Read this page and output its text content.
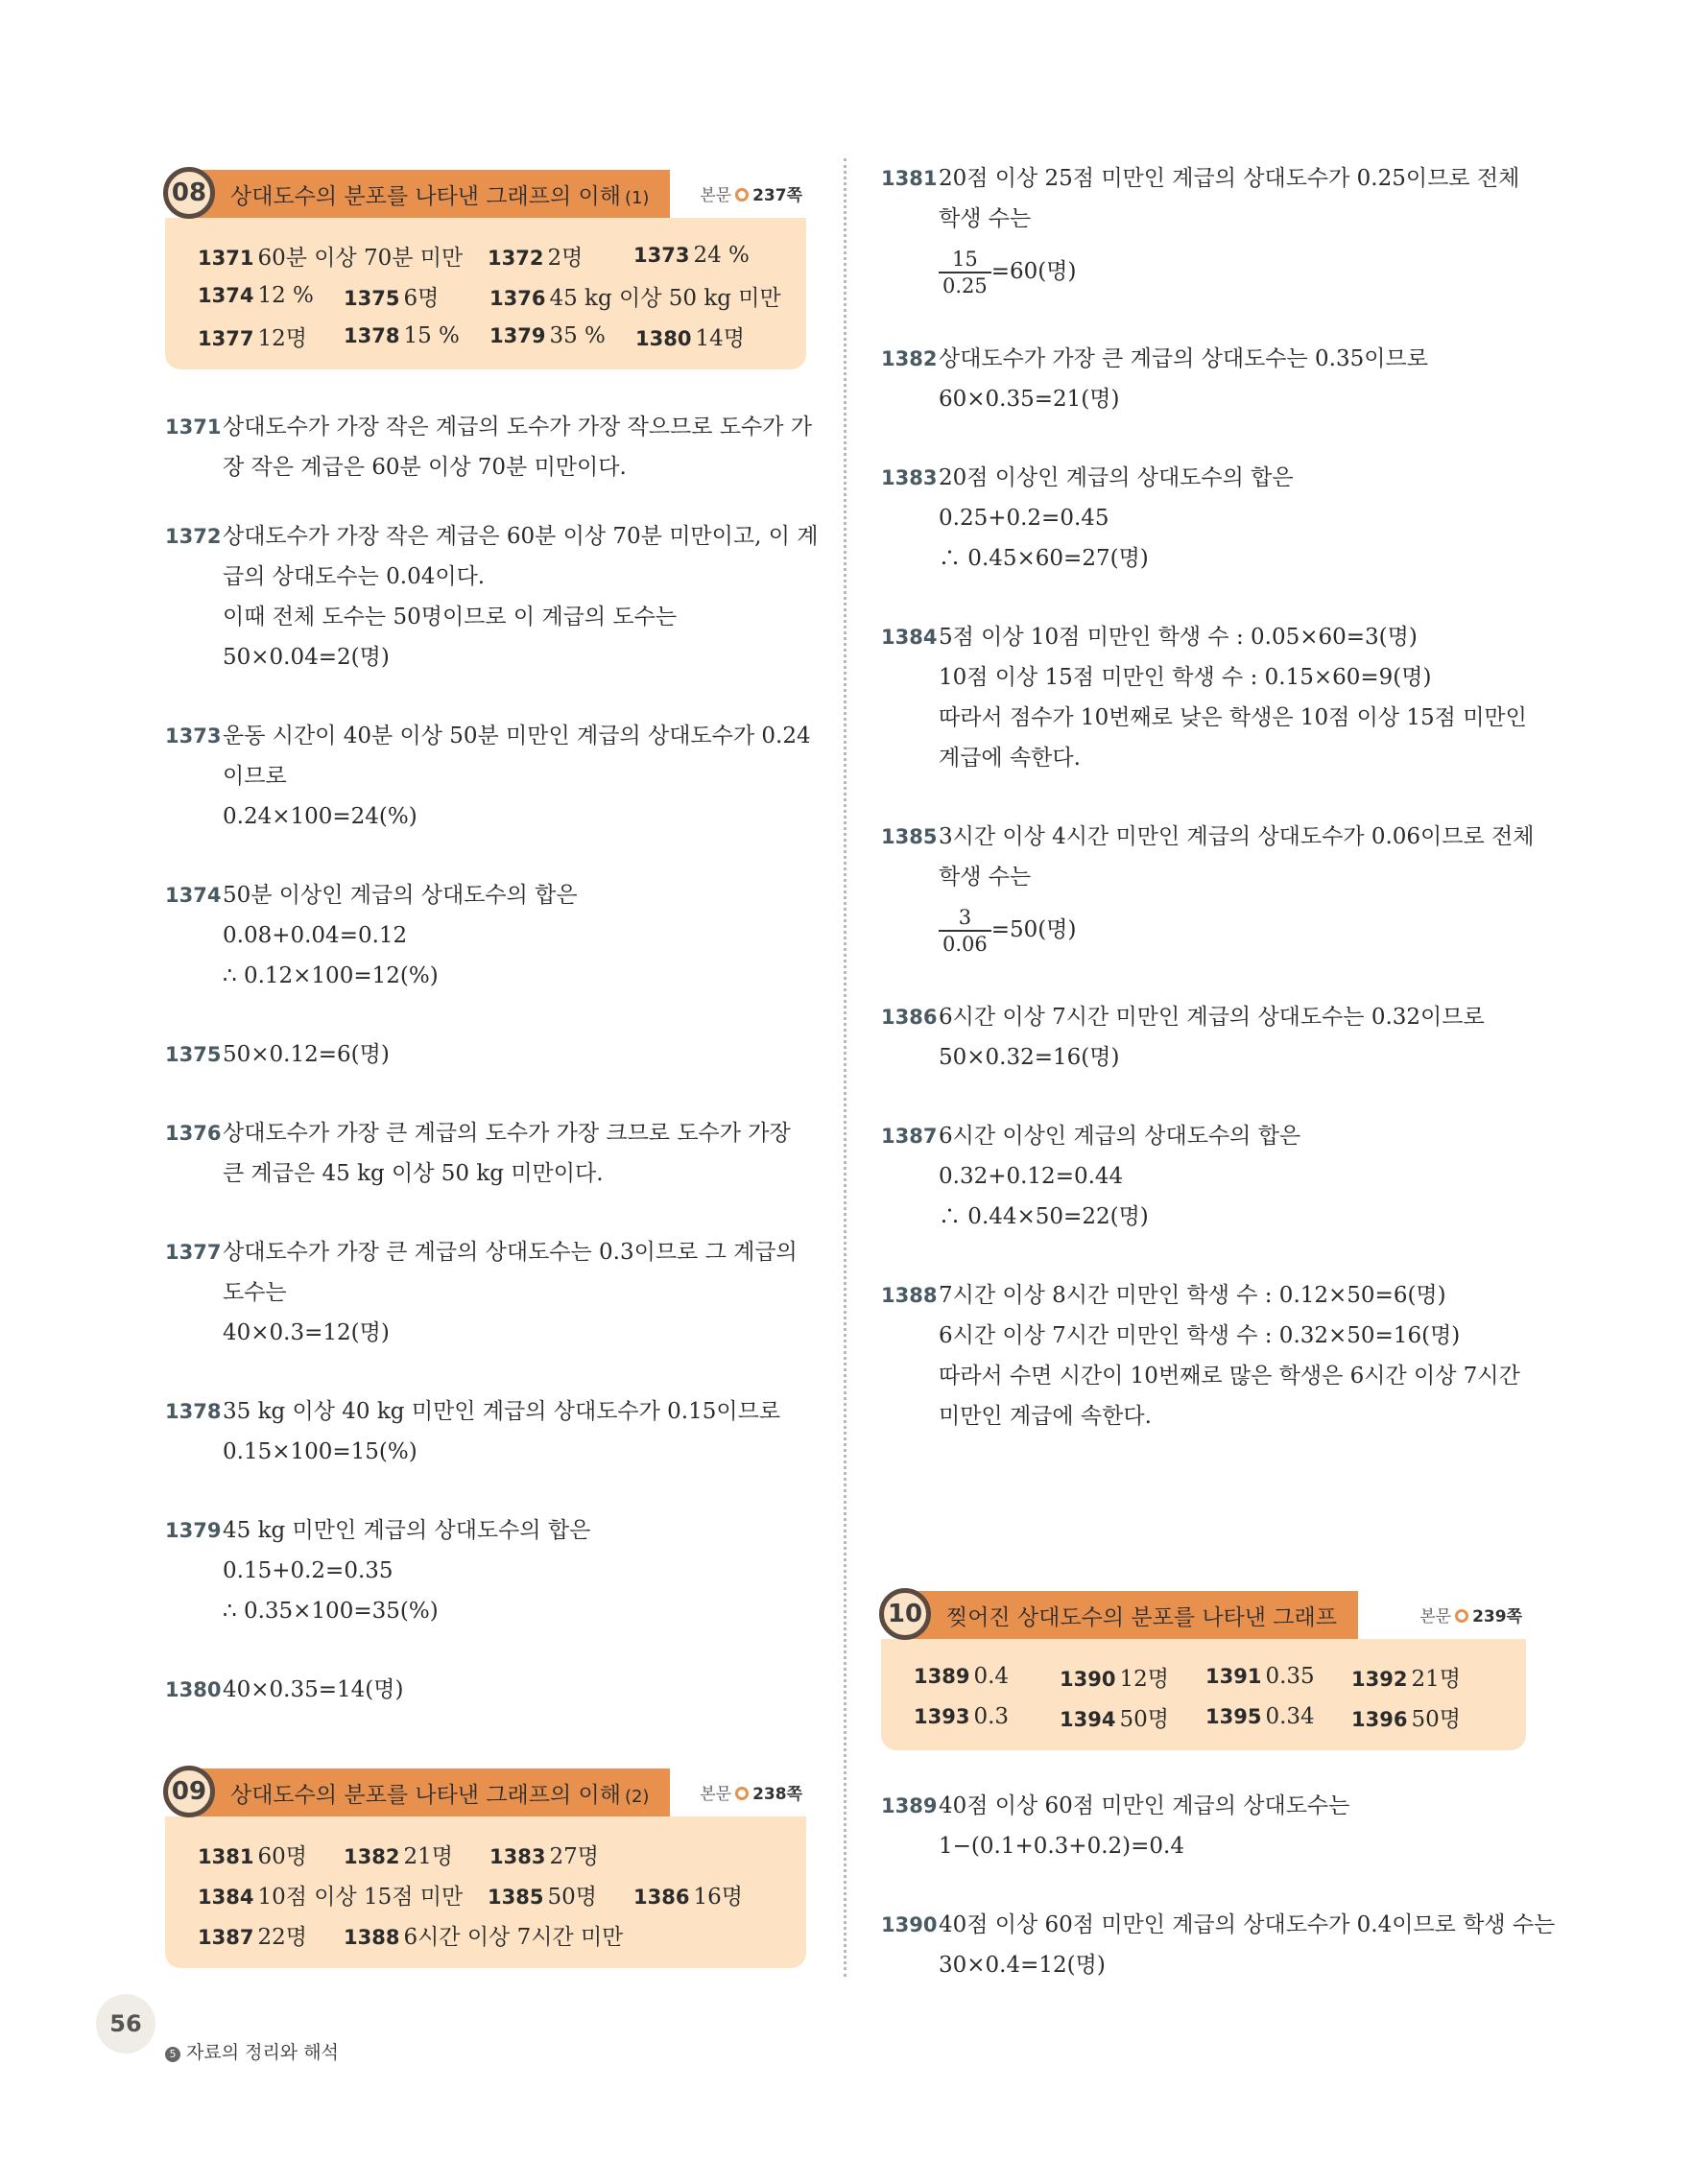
08	상대도수의 분포를 나타낸 그래프의 이해 (1)	본문 237쪽
1371 60분 이상 70분 미만	1372 2명	1373 24 %
1374 12 %	1375 6명	1376 45 kg 이상 50 kg 미만
1377 12명	1378 15 %	1379 35 %	1380 14명
1371 상대도수가 가장 작은 계급의 도수가 가장 작으므로 도수가 가
장 작은 계급은 60분 이상 70분 미만이다.
1372 상대도수가 가장 작은 계급은 60분 이상 70분 미만이고, 이 계
급의 상대도수는 0.04이다.
이때 전체 도수는 50명이므로 이 계급의 도수는
50×0.04=2(명)
1373 운동 시간이 40분 이상 50분 미만인 계급의 상대도수가 0.24
이므로
0.24×100=24(%)
1374 50분 이상인 계급의 상대도수의 합은
0.08+0.04=0.12
∴ 0.12×100=12(%)
1375 50×0.12=6(명)
1376 상대도수가 가장 큰 계급의 도수가 가장 크므로 도수가 가장
큰 계급은 45 kg 이상 50 kg 미만이다.
1377 상대도수가 가장 큰 계급의 상대도수는 0.3이므로 그 계급의
도수는
40×0.3=12(명)
1378 35 kg 이상 40 kg 미만인 계급의 상대도수가 0.15이므로
0.15×100=15(%)
1379 45 kg 미만인 계급의 상대도수의 합은
0.15+0.2=0.35
∴ 0.35×100=35(%)
1380 40×0.35=14(명)
09	상대도수의 분포를 나타낸 그래프의 이해 (2)	본문 238쪽
1381 60명	1382 21명	1383 27명
1384 10점 이상 15점 미만	1385 50명	1386 16명
1387 22명	1388 6시간 이상 7시간 미만
1381 20점 이상 25점 미만인 계급의 상대도수가 0.25이므로 전체
학생 수는
$\frac{15}{0.25} =60$(명)
1382 상대도수가 가장 큰 계급의 상대도수는 0.35이므로
60×0.35=21(명)
1383 20점 이상인 계급의 상대도수의 합은
0.25+0.2=0.45
∴ 0.45×60=27(명)
1384 5점 이상 10점 미만인 학생 수 : 0.05×60=3(명)
10점 이상 15점 미만인 학생 수 : 0.15×60=9(명)
따라서 점수가 10번째로 낮은 학생은 10점 이상 15점 미만인
계급에 속한다.
1385 3시간 이상 4시간 미만인 계급의 상대도수가 0.06이므로 전체
학생 수는
$\frac{3}{0.06} =50$(명)
1386 6시간 이상 7시간 미만인 계급의 상대도수는 0.32이므로
50×0.32=16(명)
1387 6시간 이상인 계급의 상대도수의 합은
0.32+0.12=0.44
∴ 0.44×50=22(명)
1388 7시간 이상 8시간 미만인 학생 수 : 0.12×50=6(명)
6시간 이상 7시간 미만인 학생 수 : 0.32×50=16(명)
따라서 수면 시간이 10번째로 많은 학생은 6시간 이상 7시간
미만인 계급에 속한다.
10	찢어진 상대도수의 분포를 나타낸 그래프	본문 239쪽
1389 0.4	1390 12명	1391 0.35	1392 21명
1393 0.3	1394 50명	1395 0.34	1396 50명
1389 40점 이상 60점 미만인 계급의 상대도수는
1−(0.1+0.3+0.2)=0.4
1390 40점 이상 60점 미만인 계급의 상대도수가 0.4이므로 학생 수는
30×0.4=12(명)
56
5 자료의 정리와 해석
